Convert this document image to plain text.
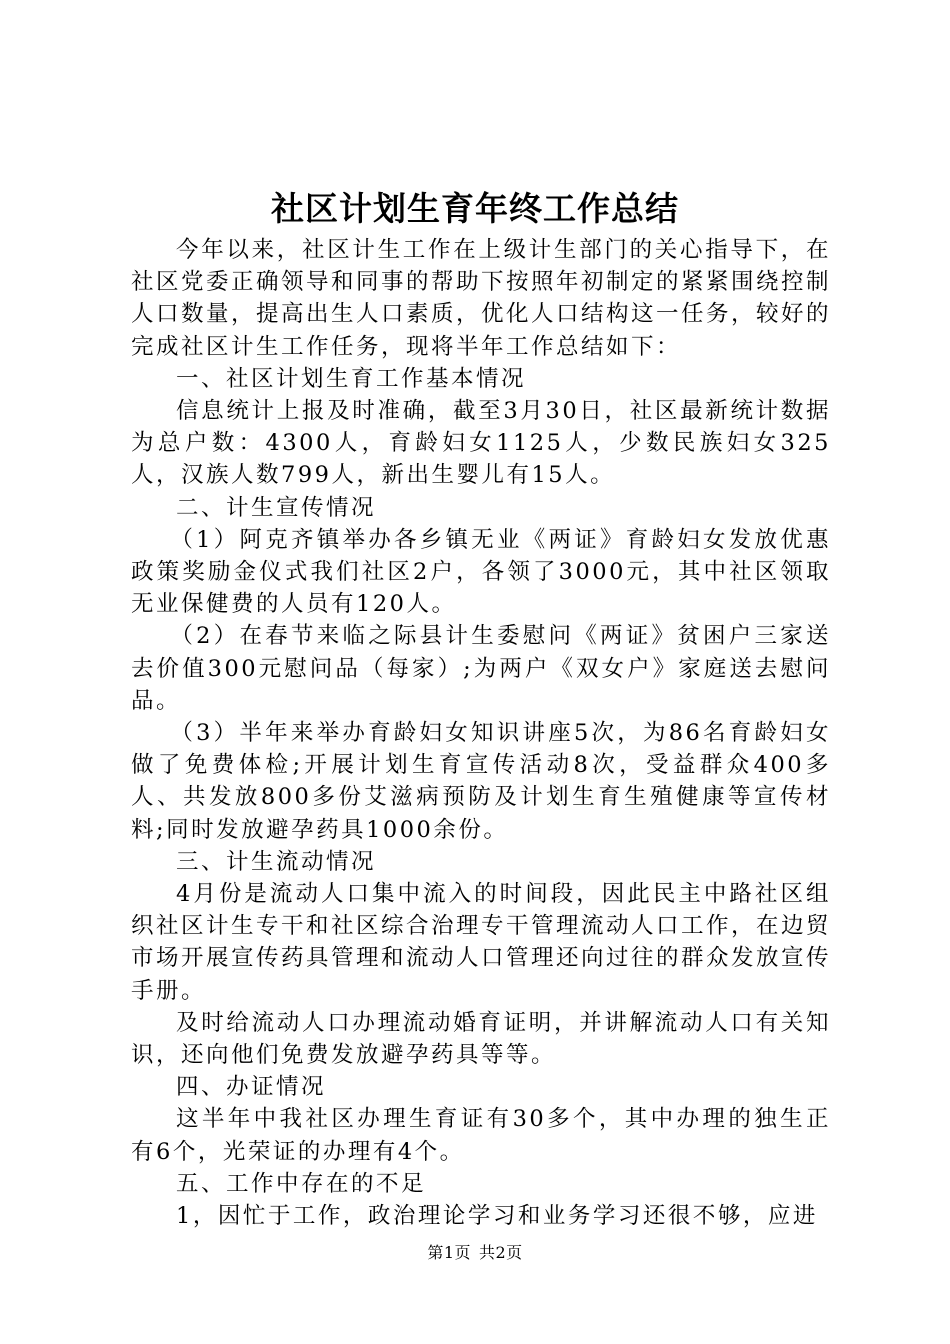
社区计划生育年终工作总结

今年以来，社区计生工作在上级计生部门的关心指导下，在社区党委正确领导和同事的帮助下按照年初制定的紧紧围绕控制人口数量，提高出生人口素质，优化人口结构这一任务，较好的完成社区计生工作任务，现将半年工作总结如下：

一、社区计划生育工作基本情况

信息统计上报及时准确，截至3月30日，社区最新统计数据为总户数：4300人，育龄妇女1125人，少数民族妇女325人，汉族人数799人，新出生婴儿有15人。

二、计生宣传情况

（1）阿克齐镇举办各乡镇无业《两证》育龄妇女发放优惠政策奖励金仪式我们社区2户，各领了3000元，其中社区领取无业保健费的人员有120人。

（2）在春节来临之际县计生委慰问《两证》贫困户三家送去价值300元慰问品（每家）;为两户《双女户》家庭送去慰问品。

（3）半年来举办育龄妇女知识讲座5次，为86名育龄妇女做了免费体检;开展计划生育宣传活动8次，受益群众400多人、共发放800多份艾滋病预防及计划生育生殖健康等宣传材料;同时发放避孕药具1000余份。

三、计生流动情况

4月份是流动人口集中流入的时间段，因此民主中路社区组织社区计生专干和社区综合治理专干管理流动人口工作，在边贸市场开展宣传药具管理和流动人口管理还向过往的群众发放宣传手册。

及时给流动人口办理流动婚育证明，并讲解流动人口有关知识，还向他们免费发放避孕药具等等。

四、办证情况

这半年中我社区办理生育证有30多个，其中办理的独生正有6个，光荣证的办理有4个。

五、工作中存在的不足

1，因忙于工作，政治理论学习和业务学习还很不够，应进

第1页 共2页
